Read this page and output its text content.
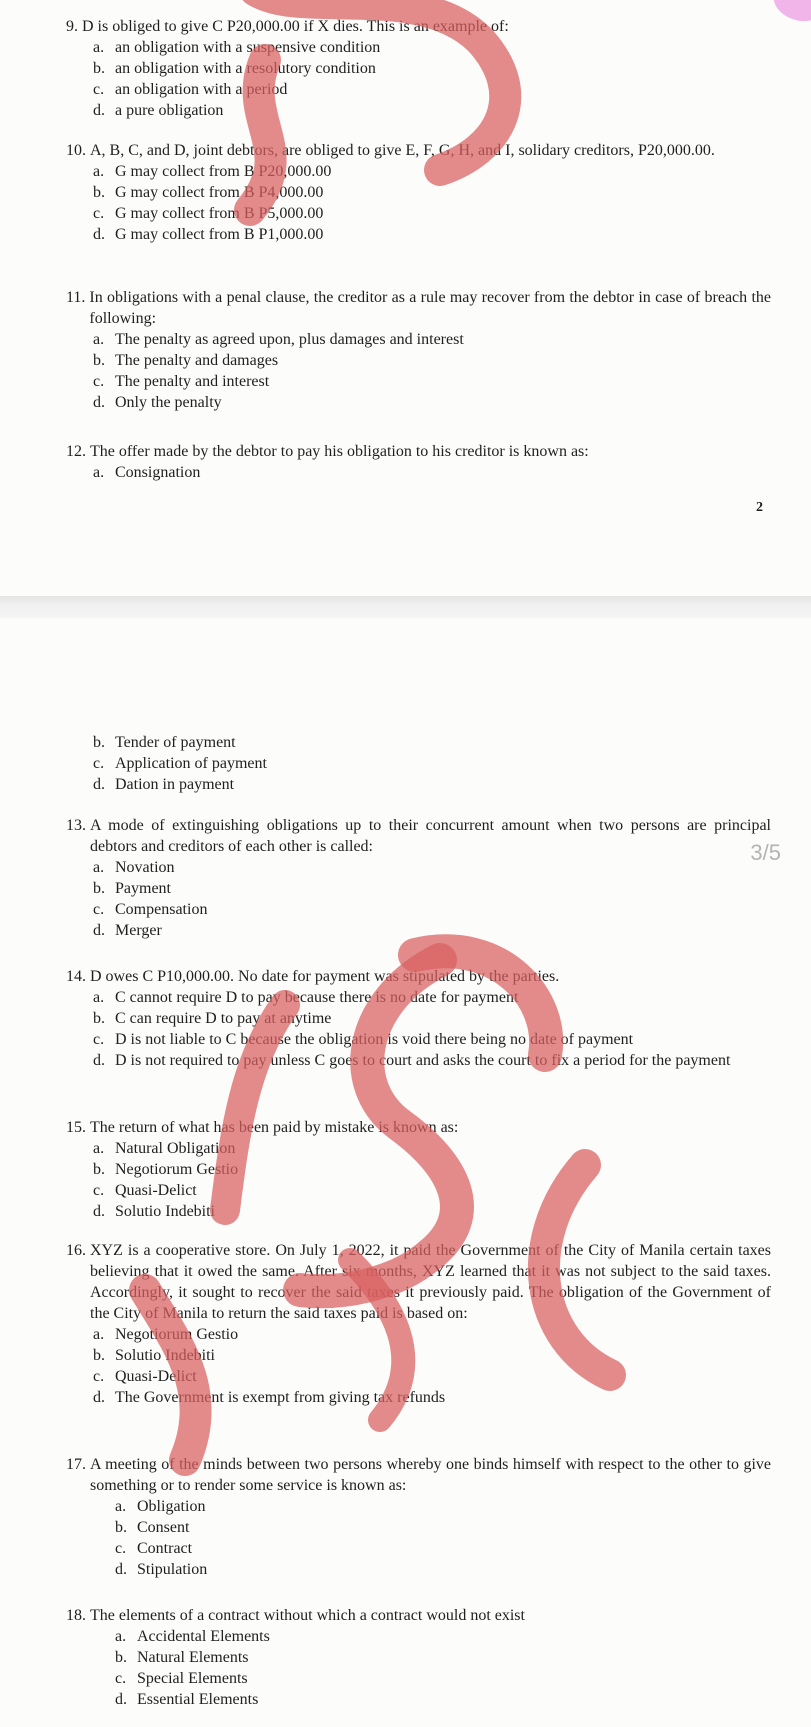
9. D is obliged to give C P20,000.00 if X dies. This is an example of:
a. an obligation with a suspensive condition
b. an obligation with a resolutory condition
c. an obligation with a period
d. a pure obligation
10. A, B, C, and D, joint debtors, are obliged to give E, F, G, H, and I, solidary creditors, P20,000.00.
a. G may collect from B P20,000.00
b. G may collect from B P4,000.00
c. G may collect from B P5,000.00
d. G may collect from B P1,000.00
11. In obligations with a penal clause, the creditor as a rule may recover from the debtor in case of breach the following:
a. The penalty as agreed upon, plus damages and interest
b. The penalty and damages
c. The penalty and interest
d. Only the penalty
12. The offer made by the debtor to pay his obligation to his creditor is known as:
a. Consignation
b. Tender of payment
c. Application of payment
d. Dation in payment
13. A mode of extinguishing obligations up to their concurrent amount when two persons are principal debtors and creditors of each other is called:
a. Novation
b. Payment
c. Compensation
d. Merger
14. D owes C P10,000.00. No date for payment was stipulated by the parties.
a. C cannot require D to pay because there is no date for payment
b. C can require D to pay at anytime
c. D is not liable to C because the obligation is void there being no date of payment
d. D is not required to pay unless C goes to court and asks the court to fix a period for the payment
15. The return of what has been paid by mistake is known as:
a. Natural Obligation
b. Negotiorum Gestio
c. Quasi-Delict
d. Solutio Indebiti
16. XYZ is a cooperative store. On July 1, 2022, it paid the Government of the City of Manila certain taxes believing that it owed the same. After six months, XYZ learned that it was not subject to the said taxes. Accordingly, it sought to recover the said taxes it previously paid. The obligation of the Government of the City of Manila to return the said taxes paid is based on:
a. Negotiorum Gestio
b. Solutio Indebiti
c. Quasi-Delict
d. The Government is exempt from giving tax refunds
17. A meeting of the minds between two persons whereby one binds himself with respect to the other to give something or to render some service is known as:
a. Obligation
b. Consent
c. Contract
d. Stipulation
18. The elements of a contract without which a contract would not exist
a. Accidental Elements
b. Natural Elements
c. Special Elements
d. Essential Elements
2
3/5
